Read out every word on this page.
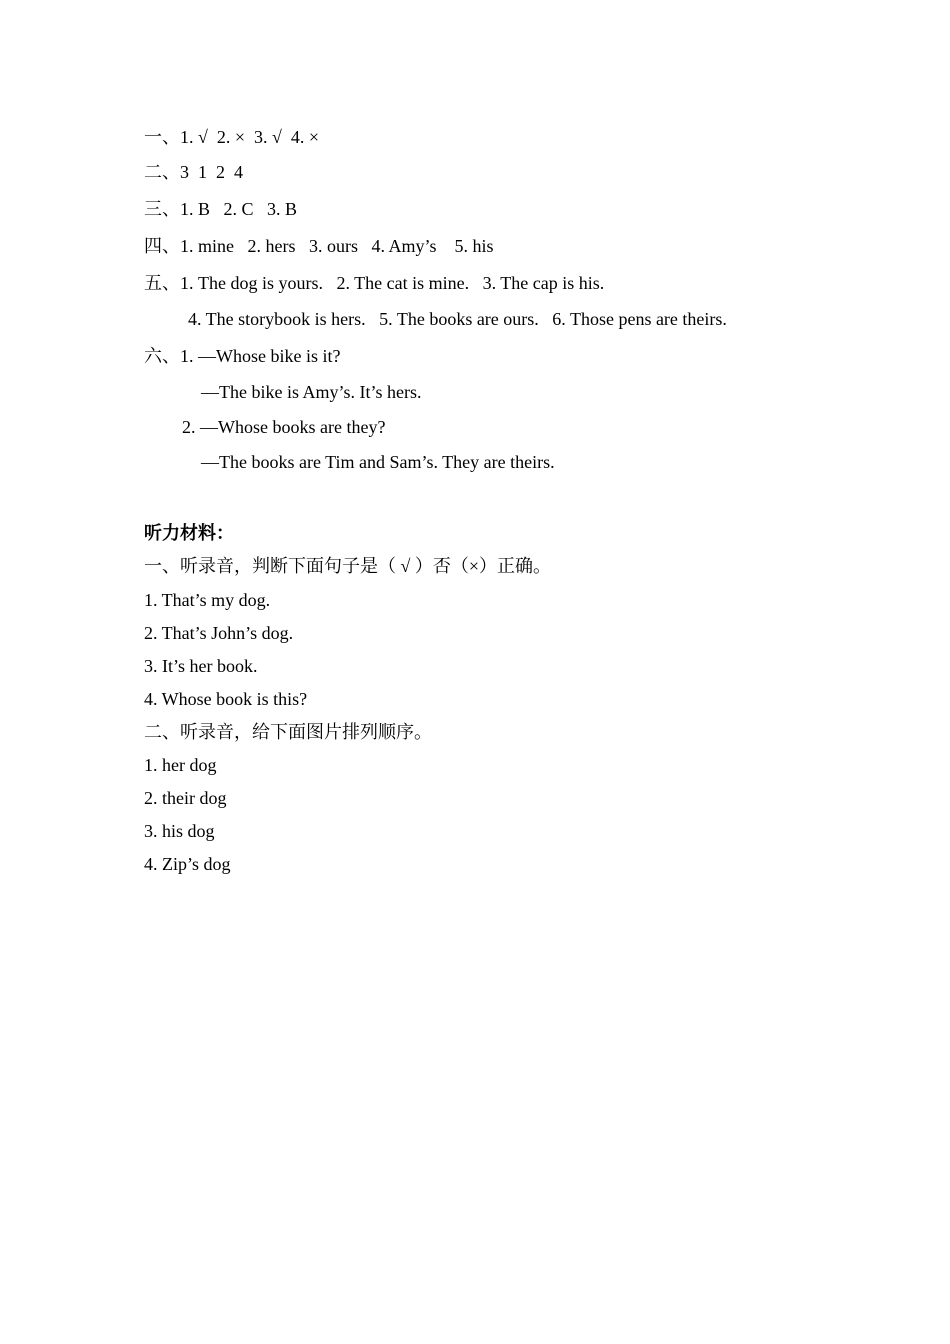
一、1. √  2. ×  3. √  4. ×
二、3  1  2  4
三、1. B   2. C   3. B
四、1. mine   2. hers   3. ours   4. Amy’s    5. his
五、1. The dog is yours.   2. The cat is mine.   3. The cap is his.
4. The storybook is hers.   5. The books are ours.   6. Those pens are theirs.
六、1. —Whose bike is it?
—The bike is Amy’s. It’s hers.
2. —Whose books are they?
—The books are Tim and Sam’s. They are theirs.
听力材料：
一、听录音，判断下面句子是（ √ ）否（×）正确。
1. That’s my dog.
2. That’s John’s dog.
3. It’s her book.
4. Whose book is this?
二、听录音，给下面图片排列顺序。
1. her dog
2. their dog
3. his dog
4. Zip’s dog
